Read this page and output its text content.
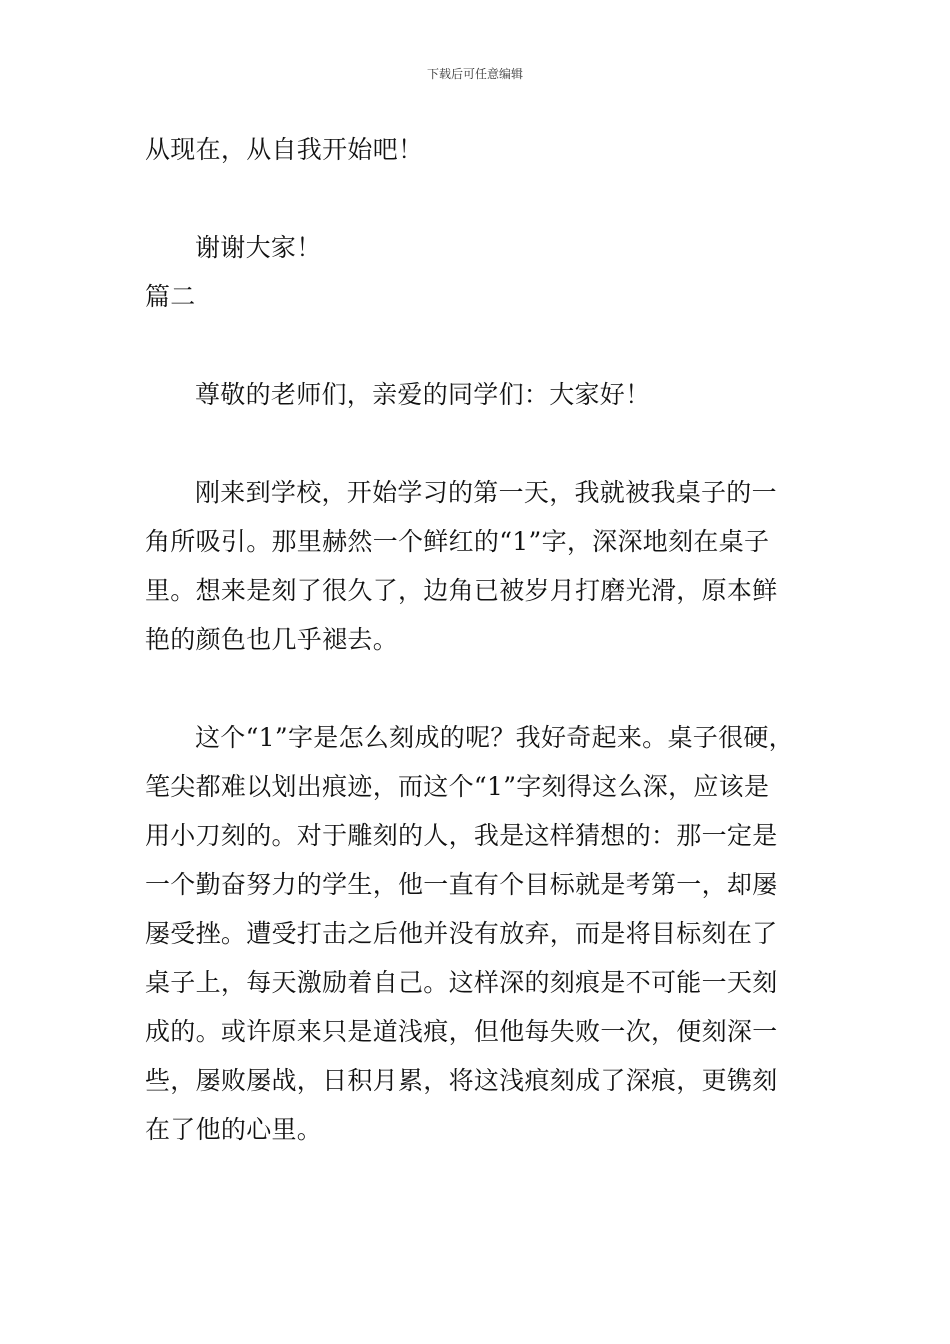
下载后可任意编辑
从现在，从自我开始吧！
谢谢大家！
篇二
尊敬的老师们，亲爱的同学们：大家好！
刚来到学校，开始学习的第一天，我就被我桌子的一
角所吸引。那里赫然一个鲜红的“1”字，深深地刻在桌子
里。想来是刻了很久了，边角已被岁月打磨光滑，原本鲜
艳的颜色也几乎褪去。
这个“1”字是怎么刻成的呢？我好奇起来。桌子很硬，
笔尖都难以划出痕迹，而这个“1”字刻得这么深，应该是
用小刀刻的。对于雕刻的人，我是这样猜想的：那一定是
一个勤奋努力的学生，他一直有个目标就是考第一，却屡
屡受挫。遭受打击之后他并没有放弃，而是将目标刻在了
桌子上，每天激励着自己。这样深的刻痕是不可能一天刻
成的。或许原来只是道浅痕，但他每失败一次，便刻深一
些，屡败屡战，日积月累，将这浅痕刻成了深痕，更镌刻
在了他的心里。
